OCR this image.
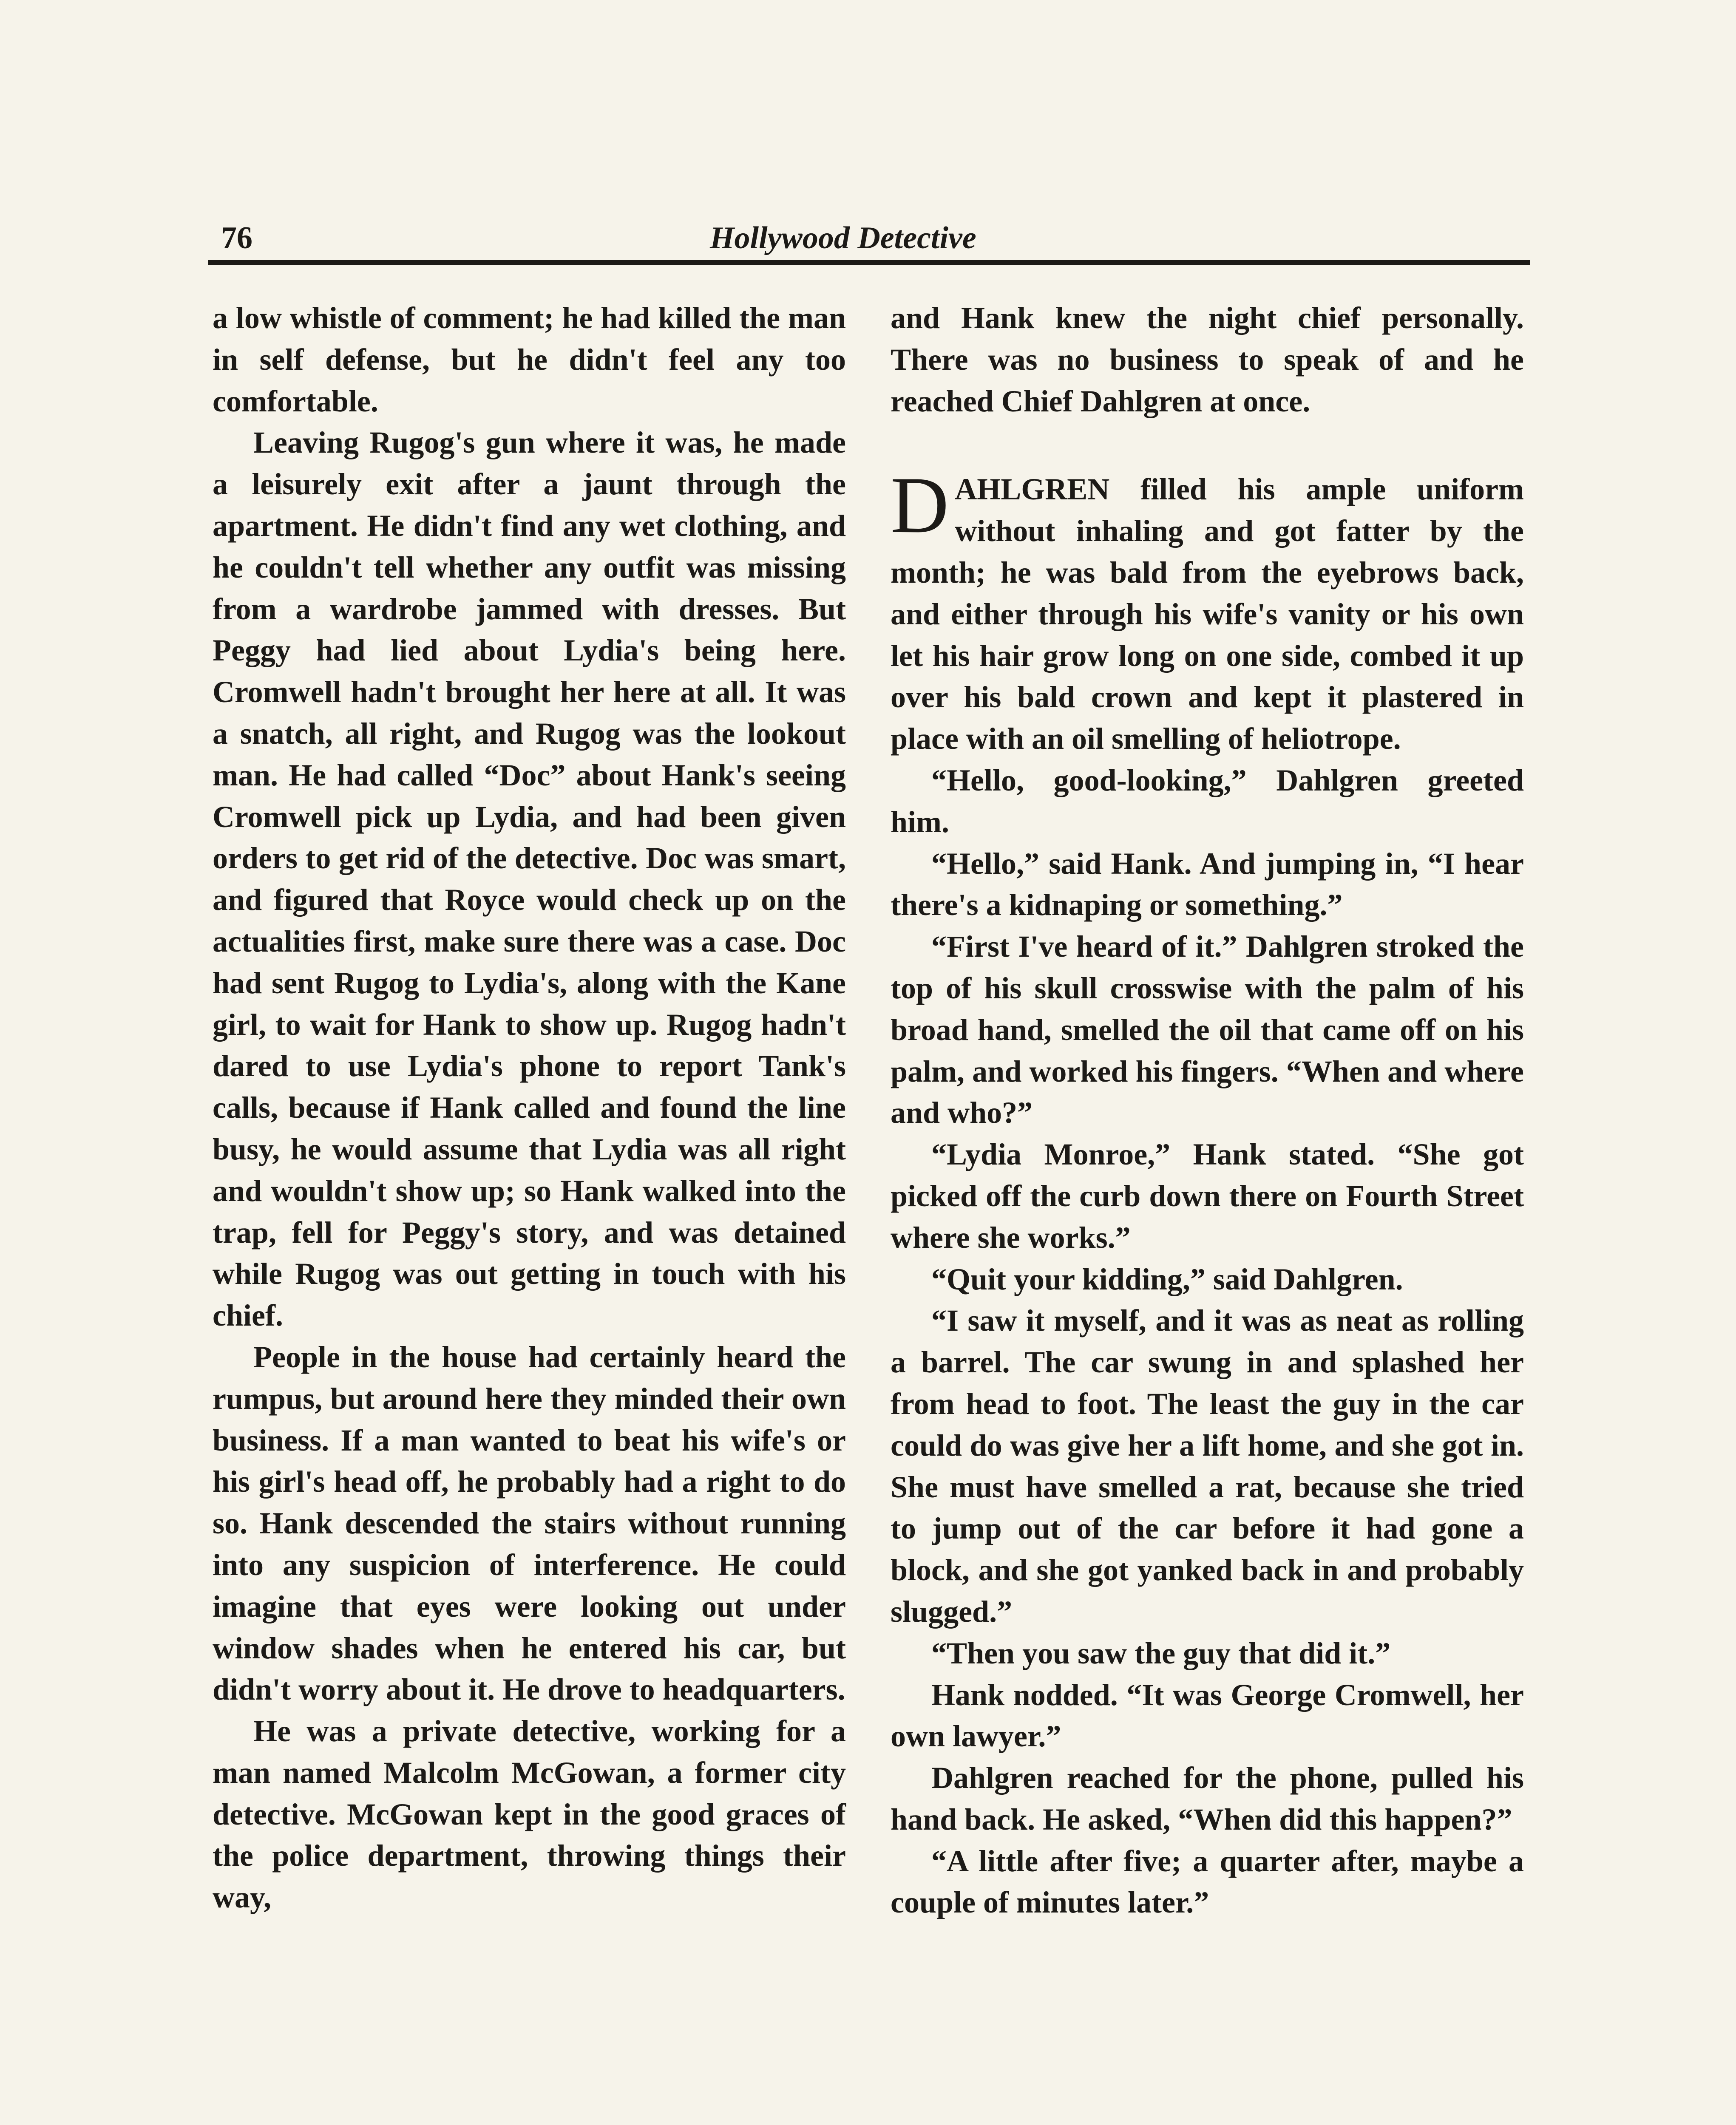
76	Hollywood Detective

a low whistle of comment; he had killed the man in self defense, but he didn't feel any too comfortable.

Leaving Rugog's gun where it was, he made a leisurely exit after a jaunt through the apartment. He didn't find any wet clothing, and he couldn't tell whether any outfit was missing from a wardrobe jammed with dresses. But Peggy had lied about Lydia's being here. Cromwell hadn't brought her here at all. It was a snatch, all right, and Rugog was the lookout man. He had called “Doc” about Hank's seeing Cromwell pick up Lydia, and had been given orders to get rid of the detective. Doc was smart, and figured that Royce would check up on the actualities first, make sure there was a case. Doc had sent Rugog to Lydia's, along with the Kane girl, to wait for Hank to show up. Rugog hadn't dared to use Lydia's phone to report Tank's calls, because if Hank called and found the line busy, he would assume that Lydia was all right and wouldn't show up; so Hank walked into the trap, fell for Peggy's story, and was detained while Rugog was out getting in touch with his chief.

People in the house had certainly heard the rumpus, but around here they minded their own business. If a man wanted to beat his wife's or his girl's head off, he probably had a right to do so. Hank descended the stairs without running into any suspicion of interference. He could imagine that eyes were looking out under window shades when he entered his car, but didn't worry about it. He drove to headquarters.

He was a private detective, working for a man named Malcolm McGowan, a former city detective. McGowan kept in the good graces of the police department, throwing things their way,

and Hank knew the night chief personally. There was no business to speak of and he reached Chief Dahlgren at once.

DAHLGREN filled his ample uniform without inhaling and got fatter by the month; he was bald from the eyebrows back, and either through his wife's vanity or his own let his hair grow long on one side, combed it up over his bald crown and kept it plastered in place with an oil smelling of heliotrope.

“Hello, good-looking,” Dahlgren greeted him.

“Hello,” said Hank. And jumping in, “I hear there's a kidnaping or something.”

“First I've heard of it.” Dahlgren stroked the top of his skull crosswise with the palm of his broad hand, smelled the oil that came off on his palm, and worked his fingers. “When and where and who?”

“Lydia Monroe,” Hank stated. “She got picked off the curb down there on Fourth Street where she works.”

“Quit your kidding,” said Dahlgren.

“I saw it myself, and it was as neat as rolling a barrel. The car swung in and splashed her from head to foot. The least the guy in the car could do was give her a lift home, and she got in. She must have smelled a rat, because she tried to jump out of the car before it had gone a block, and she got yanked back in and probably slugged.”

“Then you saw the guy that did it.”

Hank nodded. “It was George Cromwell, her own lawyer.”

Dahlgren reached for the phone, pulled his hand back. He asked, “When did this happen?”

“A little after five; a quarter after, maybe a couple of minutes later.”
